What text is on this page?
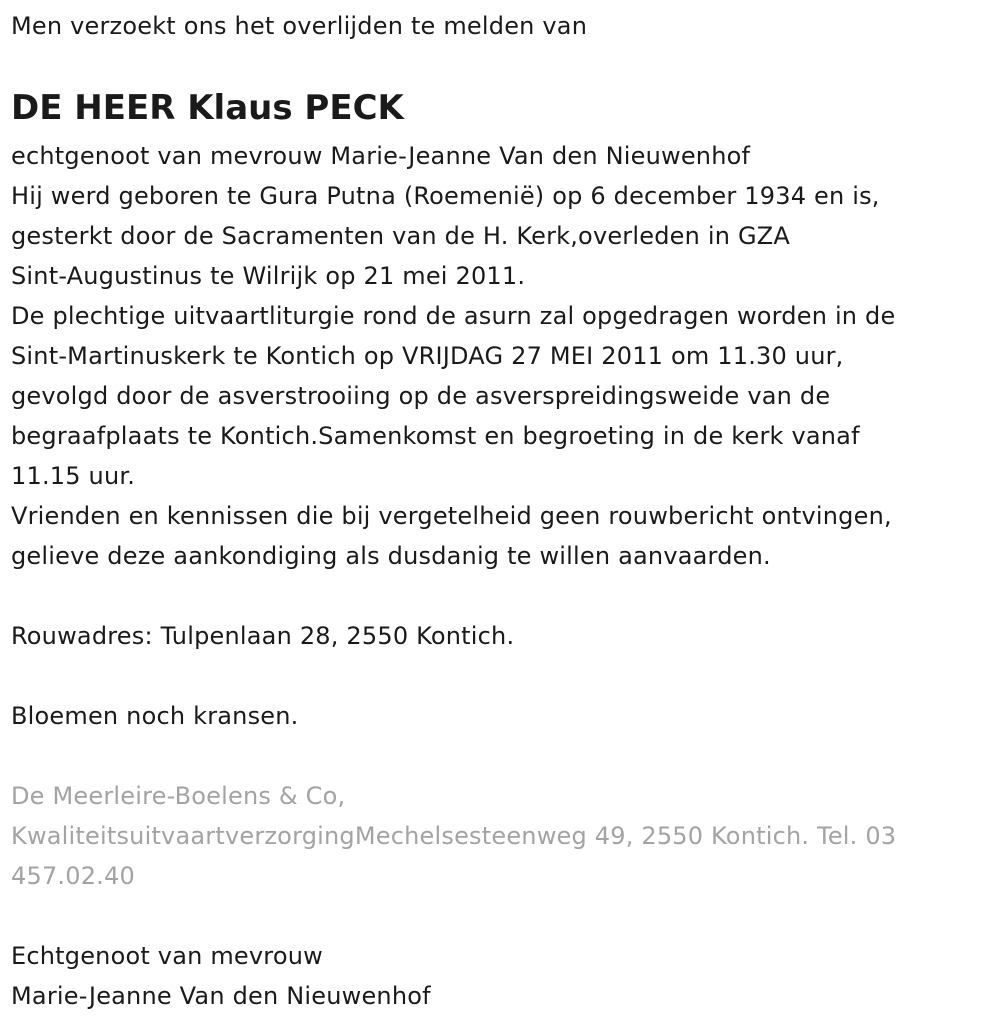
Men verzoekt ons het overlijden te melden van
DE HEER Klaus PECK
echtgenoot van mevrouw Marie-Jeanne Van den Nieuwenhof
Hij werd geboren te Gura Putna (Roemenië) op 6 december 1934 en is,
gesterkt door de Sacramenten van de H. Kerk,overleden in GZA
Sint-Augustinus te Wilrijk op 21 mei 2011.
De plechtige uitvaartliturgie rond de asurn zal opgedragen worden in de
Sint-Martinuskerk te Kontich op VRIJDAG 27 MEI 2011 om 11.30 uur,
gevolgd door de asverstrooiing op de asverspreidingsweide van de
begraafplaats te Kontich.Samenkomst en begroeting in de kerk vanaf
11.15 uur.
Vrienden en kennissen die bij vergetelheid geen rouwbericht ontvingen,
gelieve deze aankondiging als dusdanig te willen aanvaarden.
Rouwadres: Tulpenlaan 28, 2550 Kontich.
Bloemen noch kransen.
De Meerleire-Boelens & Co,
KwaliteitsuitvaartverzorgingMechelsesteenweg 49, 2550 Kontich. Tel. 03
457.02.40
Echtgenoot van mevrouw
Marie-Jeanne Van den Nieuwenhof
